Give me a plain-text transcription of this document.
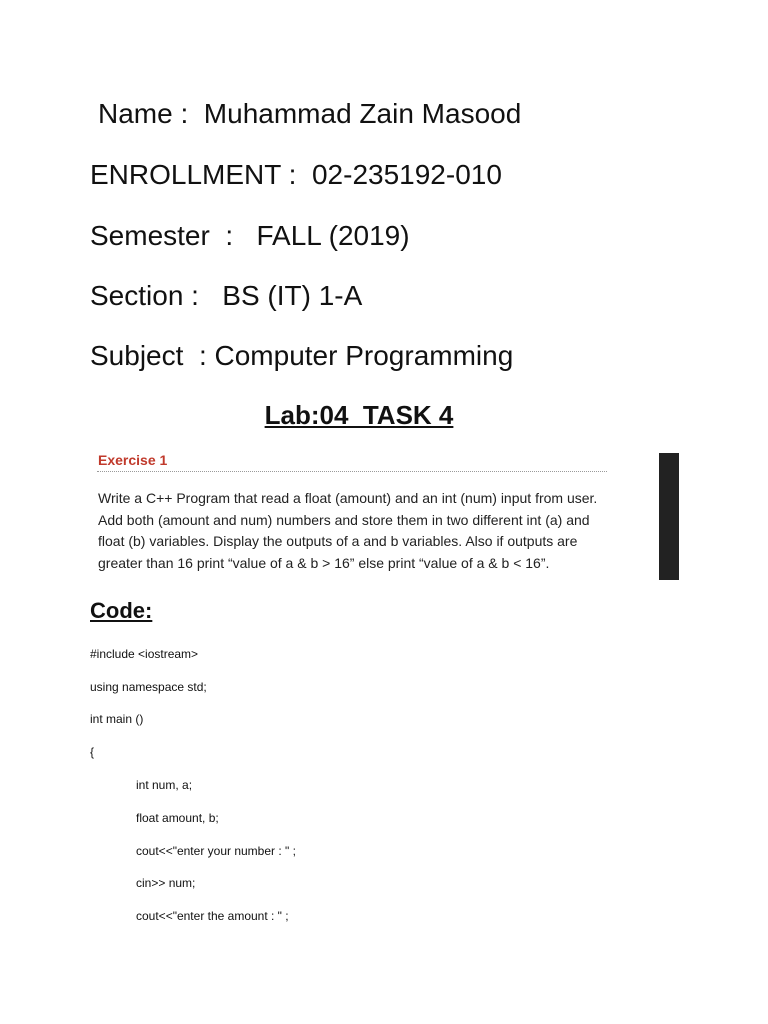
Name :  Muhammad Zain Masood
ENROLLMENT :  02-235192-010
Semester  :   FALL (2019)
Section :   BS (IT) 1-A
Subject  : Computer Programming
Lab:04  TASK 4
Exercise 1
Write a C++ Program that read a float (amount) and an int (num) input from user. Add both (amount and num) numbers and store them in two different int (a) and float (b) variables. Display the outputs of a and b variables. Also if outputs are greater than 16 print “value of a & b > 16” else print “value of a & b < 16”.
Code:
#include <iostream>
using namespace std;
int main ()
{
int num, a;
float amount, b;
cout<<"enter your number : " ;
cin>> num;
cout<<"enter the amount : " ;
